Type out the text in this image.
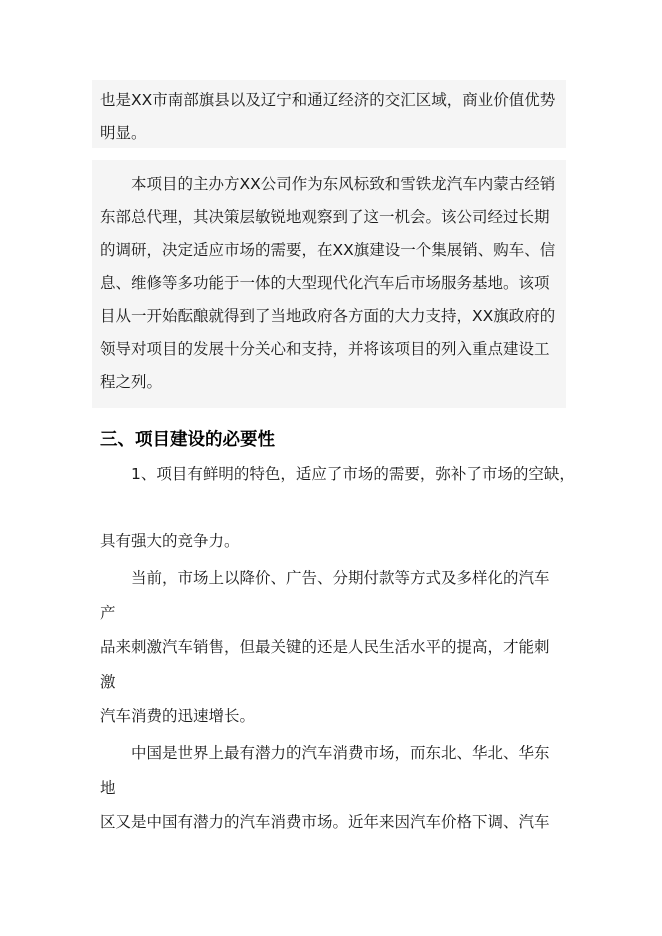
也是XX市南部旗县以及辽宁和通辽经济的交汇区域，商业价值优势
明显。
本项目的主办方XX公司作为东风标致和雪铁龙汽车内蒙古经销
东部总代理，其决策层敏锐地观察到了这一机会。该公司经过长期
的调研，决定适应市场的需要，在XX旗建设一个集展销、购车、信
息、维修等多功能于一体的大型现代化汽车后市场服务基地。该项
目从一开始酝酿就得到了当地政府各方面的大力支持，XX旗政府的
领导对项目的发展十分关心和支持，并将该项目的列入重点建设工
程之列。
三、项目建设的必要性
1、项目有鲜明的特色，适应了市场的需要，弥补了市场的空缺，
具有强大的竞争力。
当前，市场上以降价、广告、分期付款等方式及多样化的汽车
产
品来刺激汽车销售，但最关键的还是人民生活水平的提高，才能刺
激
汽车消费的迅速增长。
中国是世界上最有潜力的汽车消费市场，而东北、华北、华东
地
区又是中国有潜力的汽车消费市场。近年来因汽车价格下调、汽车
